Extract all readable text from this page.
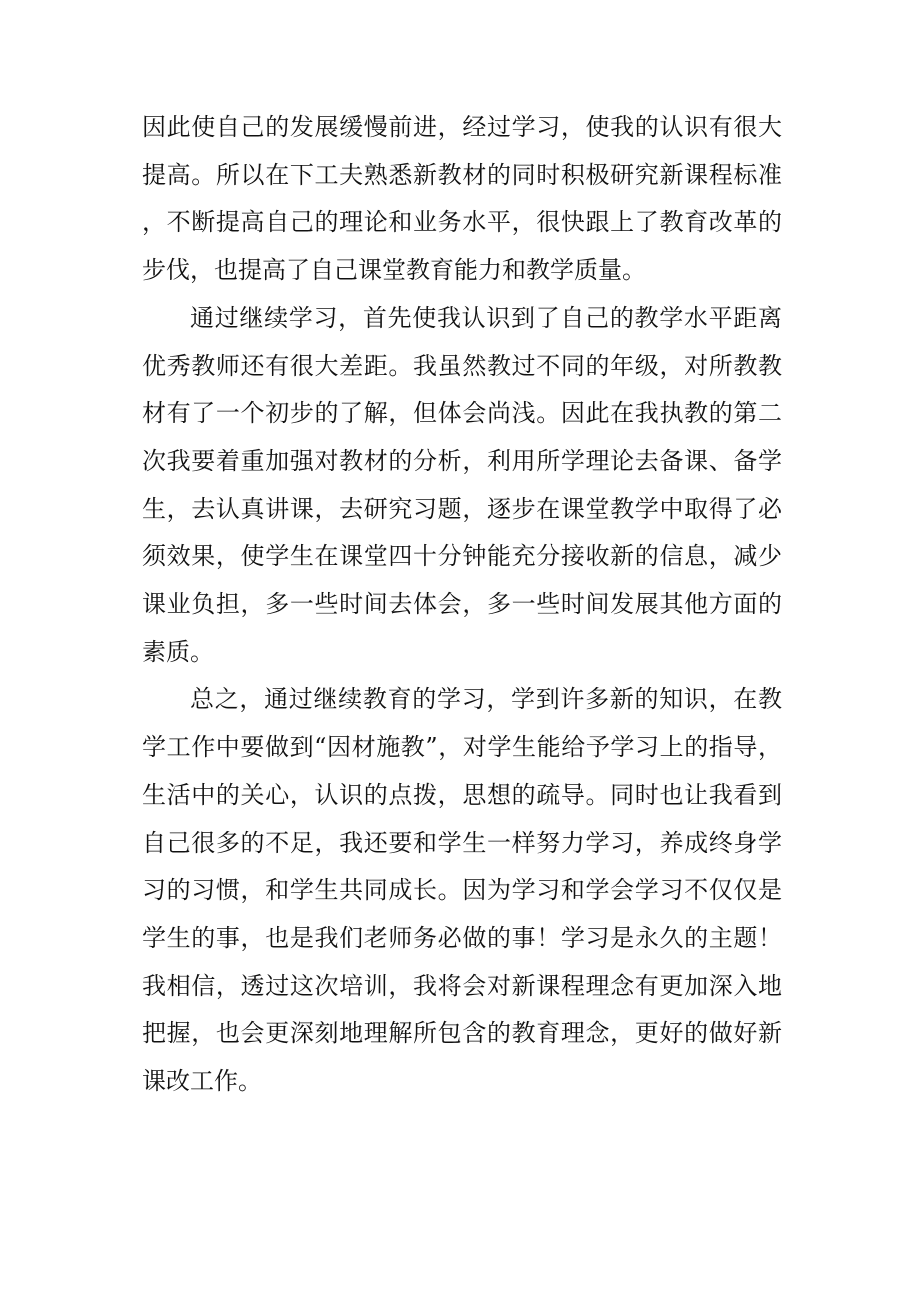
因此使自己的发展缓慢前进，经过学习，使我的认识有很大提高。所以在下工夫熟悉新教材的同时积极研究新课程标准，不断提高自己的理论和业务水平，很快跟上了教育改革的步伐，也提高了自己课堂教育能力和教学质量。

通过继续学习，首先使我认识到了自己的教学水平距离优秀教师还有很大差距。我虽然教过不同的年级，对所教教材有了一个初步的了解，但体会尚浅。因此在我执教的第二次我要着重加强对教材的分析，利用所学理论去备课、备学生，去认真讲课，去研究习题，逐步在课堂教学中取得了必须效果，使学生在课堂四十分钟能充分接收新的信息，减少课业负担，多一些时间去体会，多一些时间发展其他方面的素质。

总之，通过继续教育的学习，学到许多新的知识，在教学工作中要做到“因材施教”，对学生能给予学习上的指导，生活中的关心，认识的点拨，思想的疏导。同时也让我看到自己很多的不足，我还要和学生一样努力学习，养成终身学习的习惯，和学生共同成长。因为学习和学会学习不仅仅是学生的事，也是我们老师务必做的事！学习是永久的主题！我相信，透过这次培训，我将会对新课程理念有更加深入地把握，也会更深刻地理解所包含的教育理念，更好的做好新课改工作。
